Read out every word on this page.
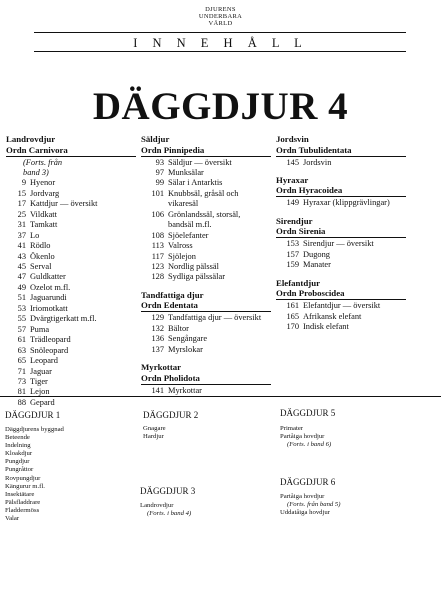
DJURENS
UNDERBARA
VÄRLD
I N N E H Å L L
DÄGGDJUR 4
Landrovdjur
Ordn Carnivora
(Forts. från
band 3)
9 Hyenor
15 Jordvarg
17 Kattdjur — översikt
25 Vildkatt
31 Tamkatt
37 Lo
41 Rödlo
43 Ökenlo
45 Serval
47 Guldkatter
49 Ozelot m.fl.
51 Jaguarundi
53 Iriomotkatt
55 Dvärgtigerkatt m.fl.
57 Puma
61 Trädleopard
63 Snöleopard
65 Leopard
71 Jaguar
73 Tiger
81 Lejon
88 Gepard
Säldjur
Ordn Pinnipedia
93 Säldjur — översikt
97 Munksälar
99 Sälar i Antarktis
101 Knubbsäl, gråsäl och
vikaresäl
106 Grönlandssäl, storsäl,
bandsäl m.fl.
108 Sjöelefanter
113 Valross
117 Sjölejon
123 Nordlig pälssäl
128 Sydliga pälssälar
Tandfattiga djur
Ordn Edentata
129 Tandfattiga djur — översikt
132 Bältor
136 Sengångare
137 Myrslokar
Myrkottar
Ordn Pholidota
141 Myrkottar
Jordsvin
Ordn Tubulidentata
145 Jordsvin
Hyraxar
Ordn Hyracoidea
149 Hyraxar (klippgrävlingar)
Sirendjur
Ordn Sirenia
153 Sirendjur — översikt
157 Dugong
159 Manater
Elefantdjur
Ordn Proboscidea
161 Elefantdjur — översikt
165 Afrikansk elefant
170 Indisk elefant
DÄGGDJUR 1
Däggdjurens byggnad
Beteende
Indelning
Kloakdjur
Pungdjur
Pungråttor
Rovpungdjur
Kängurur m.fl.
Insektätare
Pälsfladdrare
Fladdermöss
Valar
DÄGGDJUR 2
Gnagare
Hardjur
DÄGGDJUR 3
Landrovdjur
(Forts. i band 4)
DÄGGDJUR 5
Primater
Partåiga hovdjur
(Forts. i band 6)
DÄGGDJUR 6
Partåiga hovdjur
(Forts. från band 5)
Uddatåiga hovdjur
